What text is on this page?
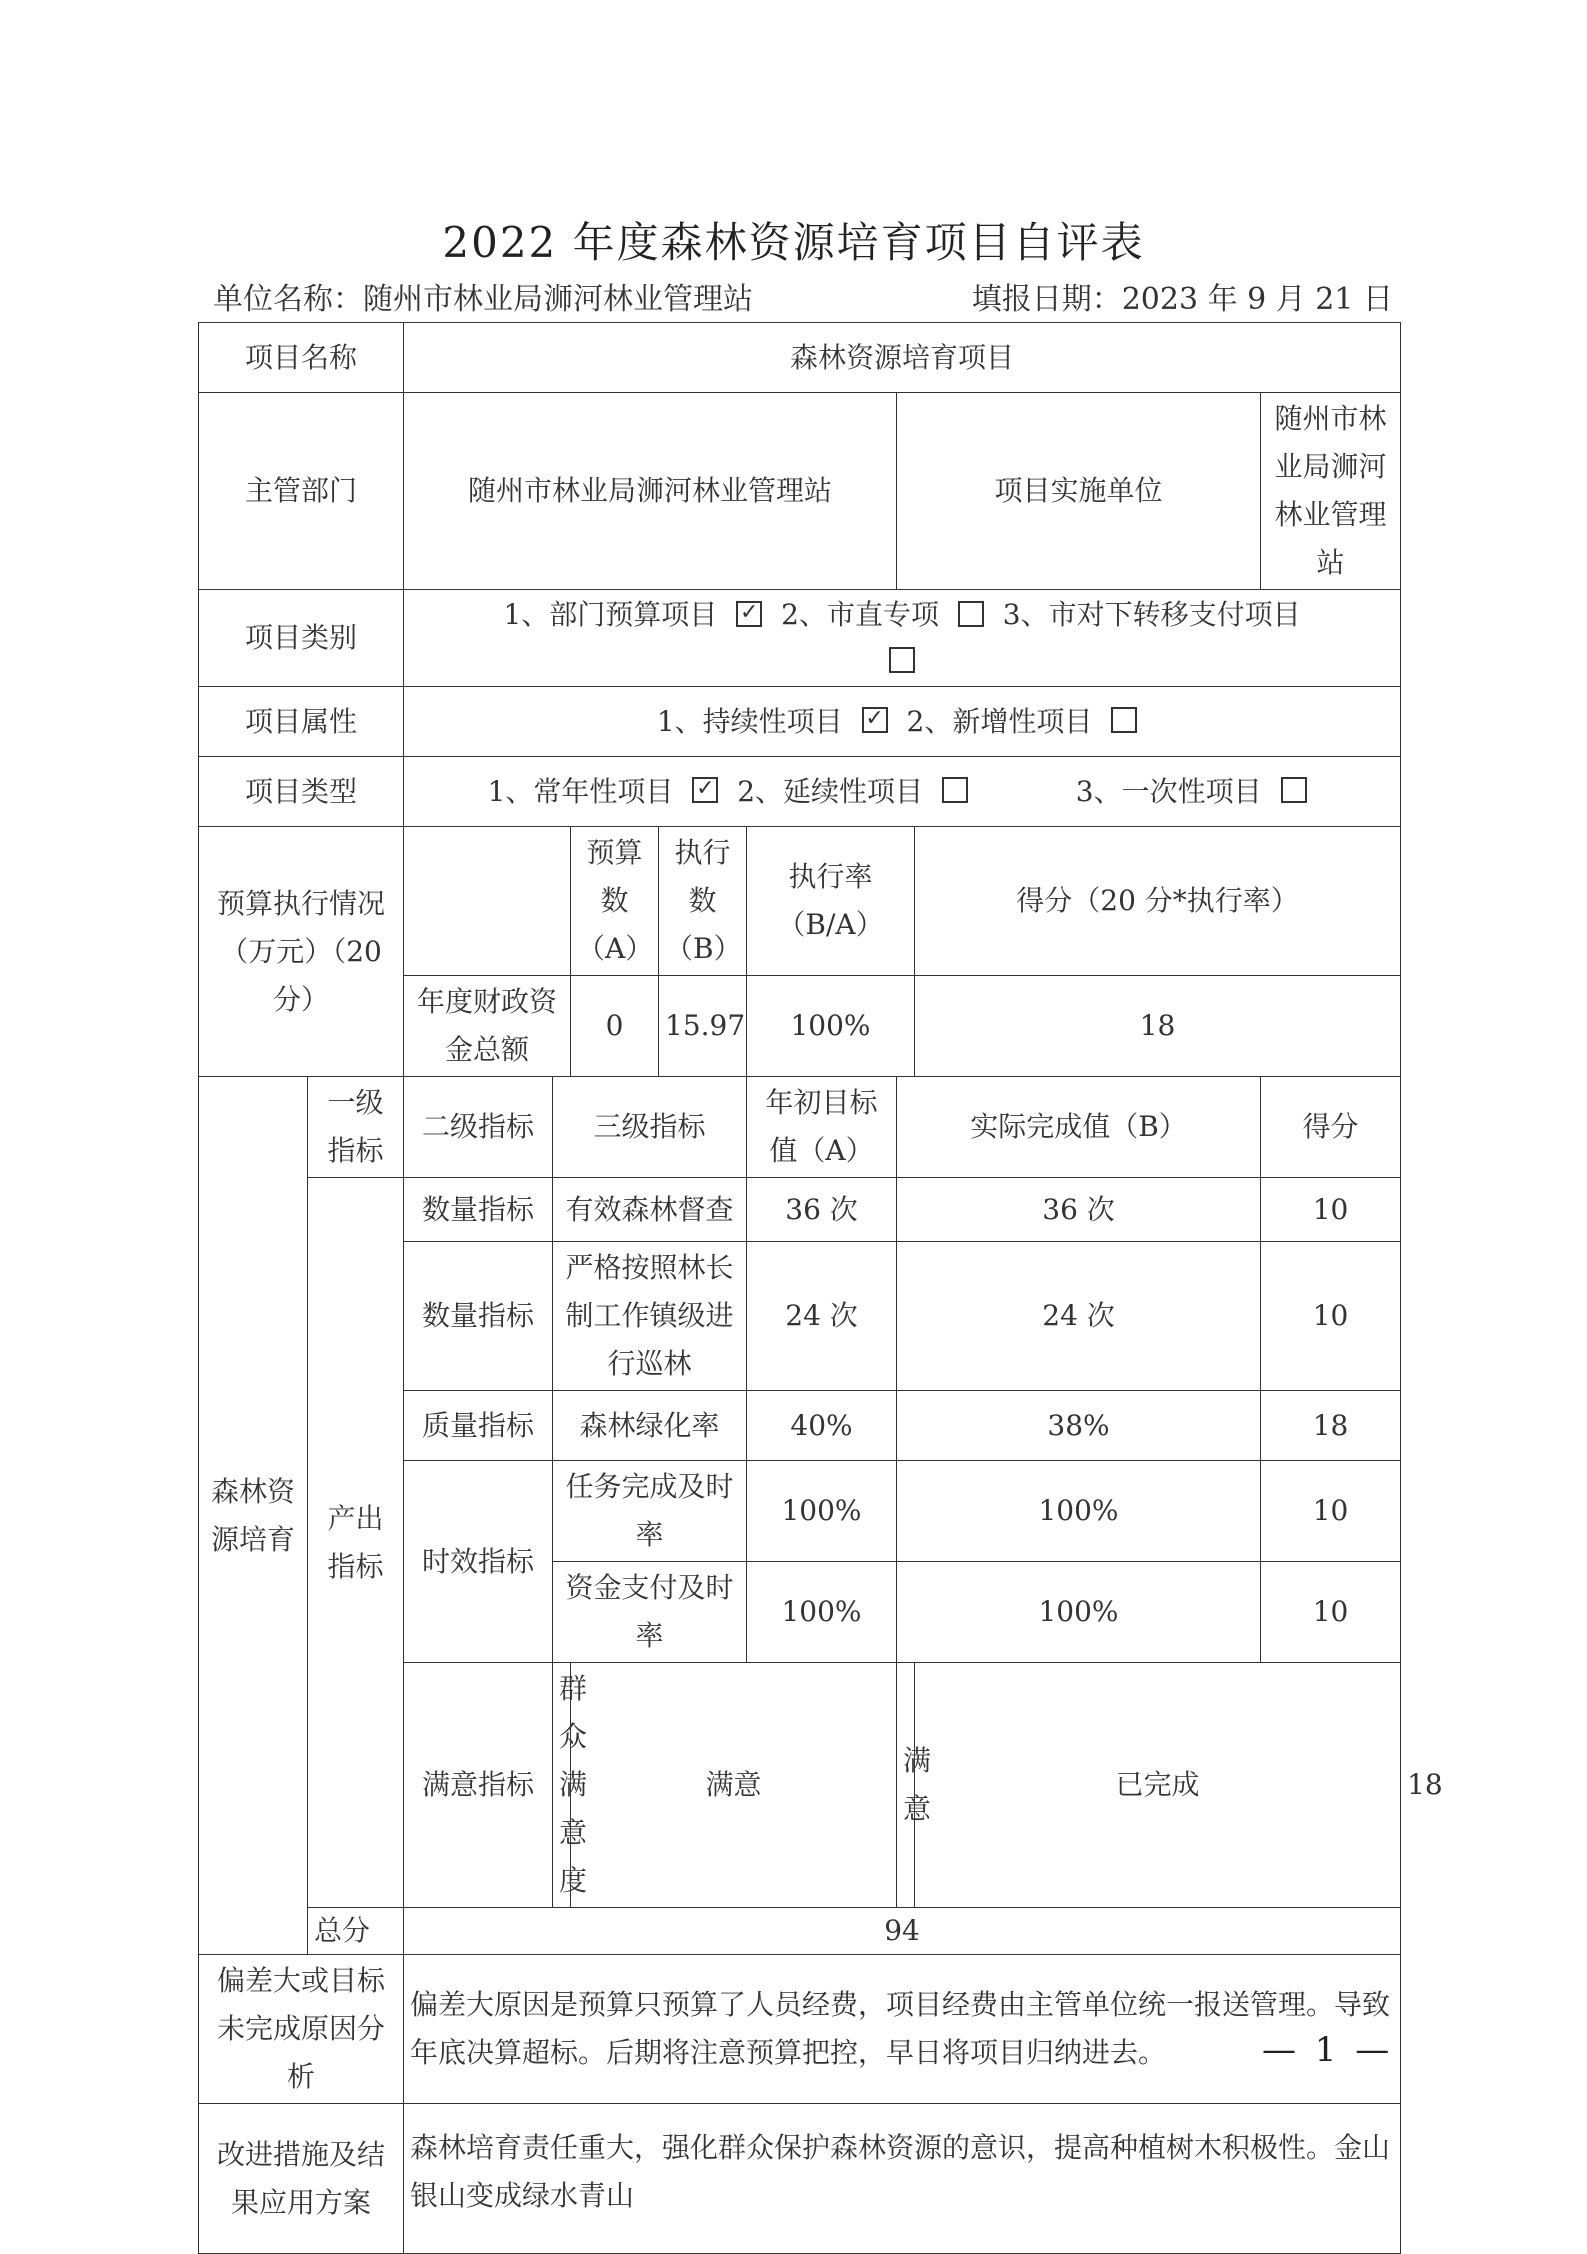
2022 年度森林资源培育项目自评表
单位名称：随州市林业局浉河林业管理站	填报日期：2023 年 9 月 21 日
项目名称		森林资源培育项目								
主管部门		随州市林业局浉河林业管理站					项目实施单位		随州市林业局浉河林业管理站	
项目类别		1、部门预算项目 ✓ 2、市直专项 3、市对下转移支付项目								

项目属性		1、持续性项目 ✓ 2、新增性项目								
项目类型		1、常年性项目 ✓ 2、延续性项目 3、一次性项目								
预算执行情况（万元）（20 分）				预算数（A）	执行数（B）	执行率（B/A）		得分（20 分*执行率）		
		年度财政资金总额		0	15.97	100%		18		
森林资源培育	一级指标	二级指标	三级指标			年初目标值（A）	实际完成值（B）		得分	
	产出指标	数量指标	有效森林督查			36 次	36 次		10	
		数量指标	严格按照林长制工作镇级进行巡林			24 次	24 次		10	
		质量指标	森林绿化率			40%	38%		18	
		时效指标	任务完成及时率			100%	100%		10	
			资金支付及时率			100%	100%		10	
		满意指标	群众满意度	满意			满意	已完成		18
	总分	94								
偏差大或目标未完成原因分析		偏差大原因是预算只预算了人员经费，项目经费由主管单位统一报送管理。导致年底决算超标。后期将注意预算把控，早日将项目归纳进去。								
改进措施及结果应用方案		森林培育责任重大，强化群众保护森林资源的意识，提高种植树木积极性。金山银山变成绿水青山								
— 1 —
